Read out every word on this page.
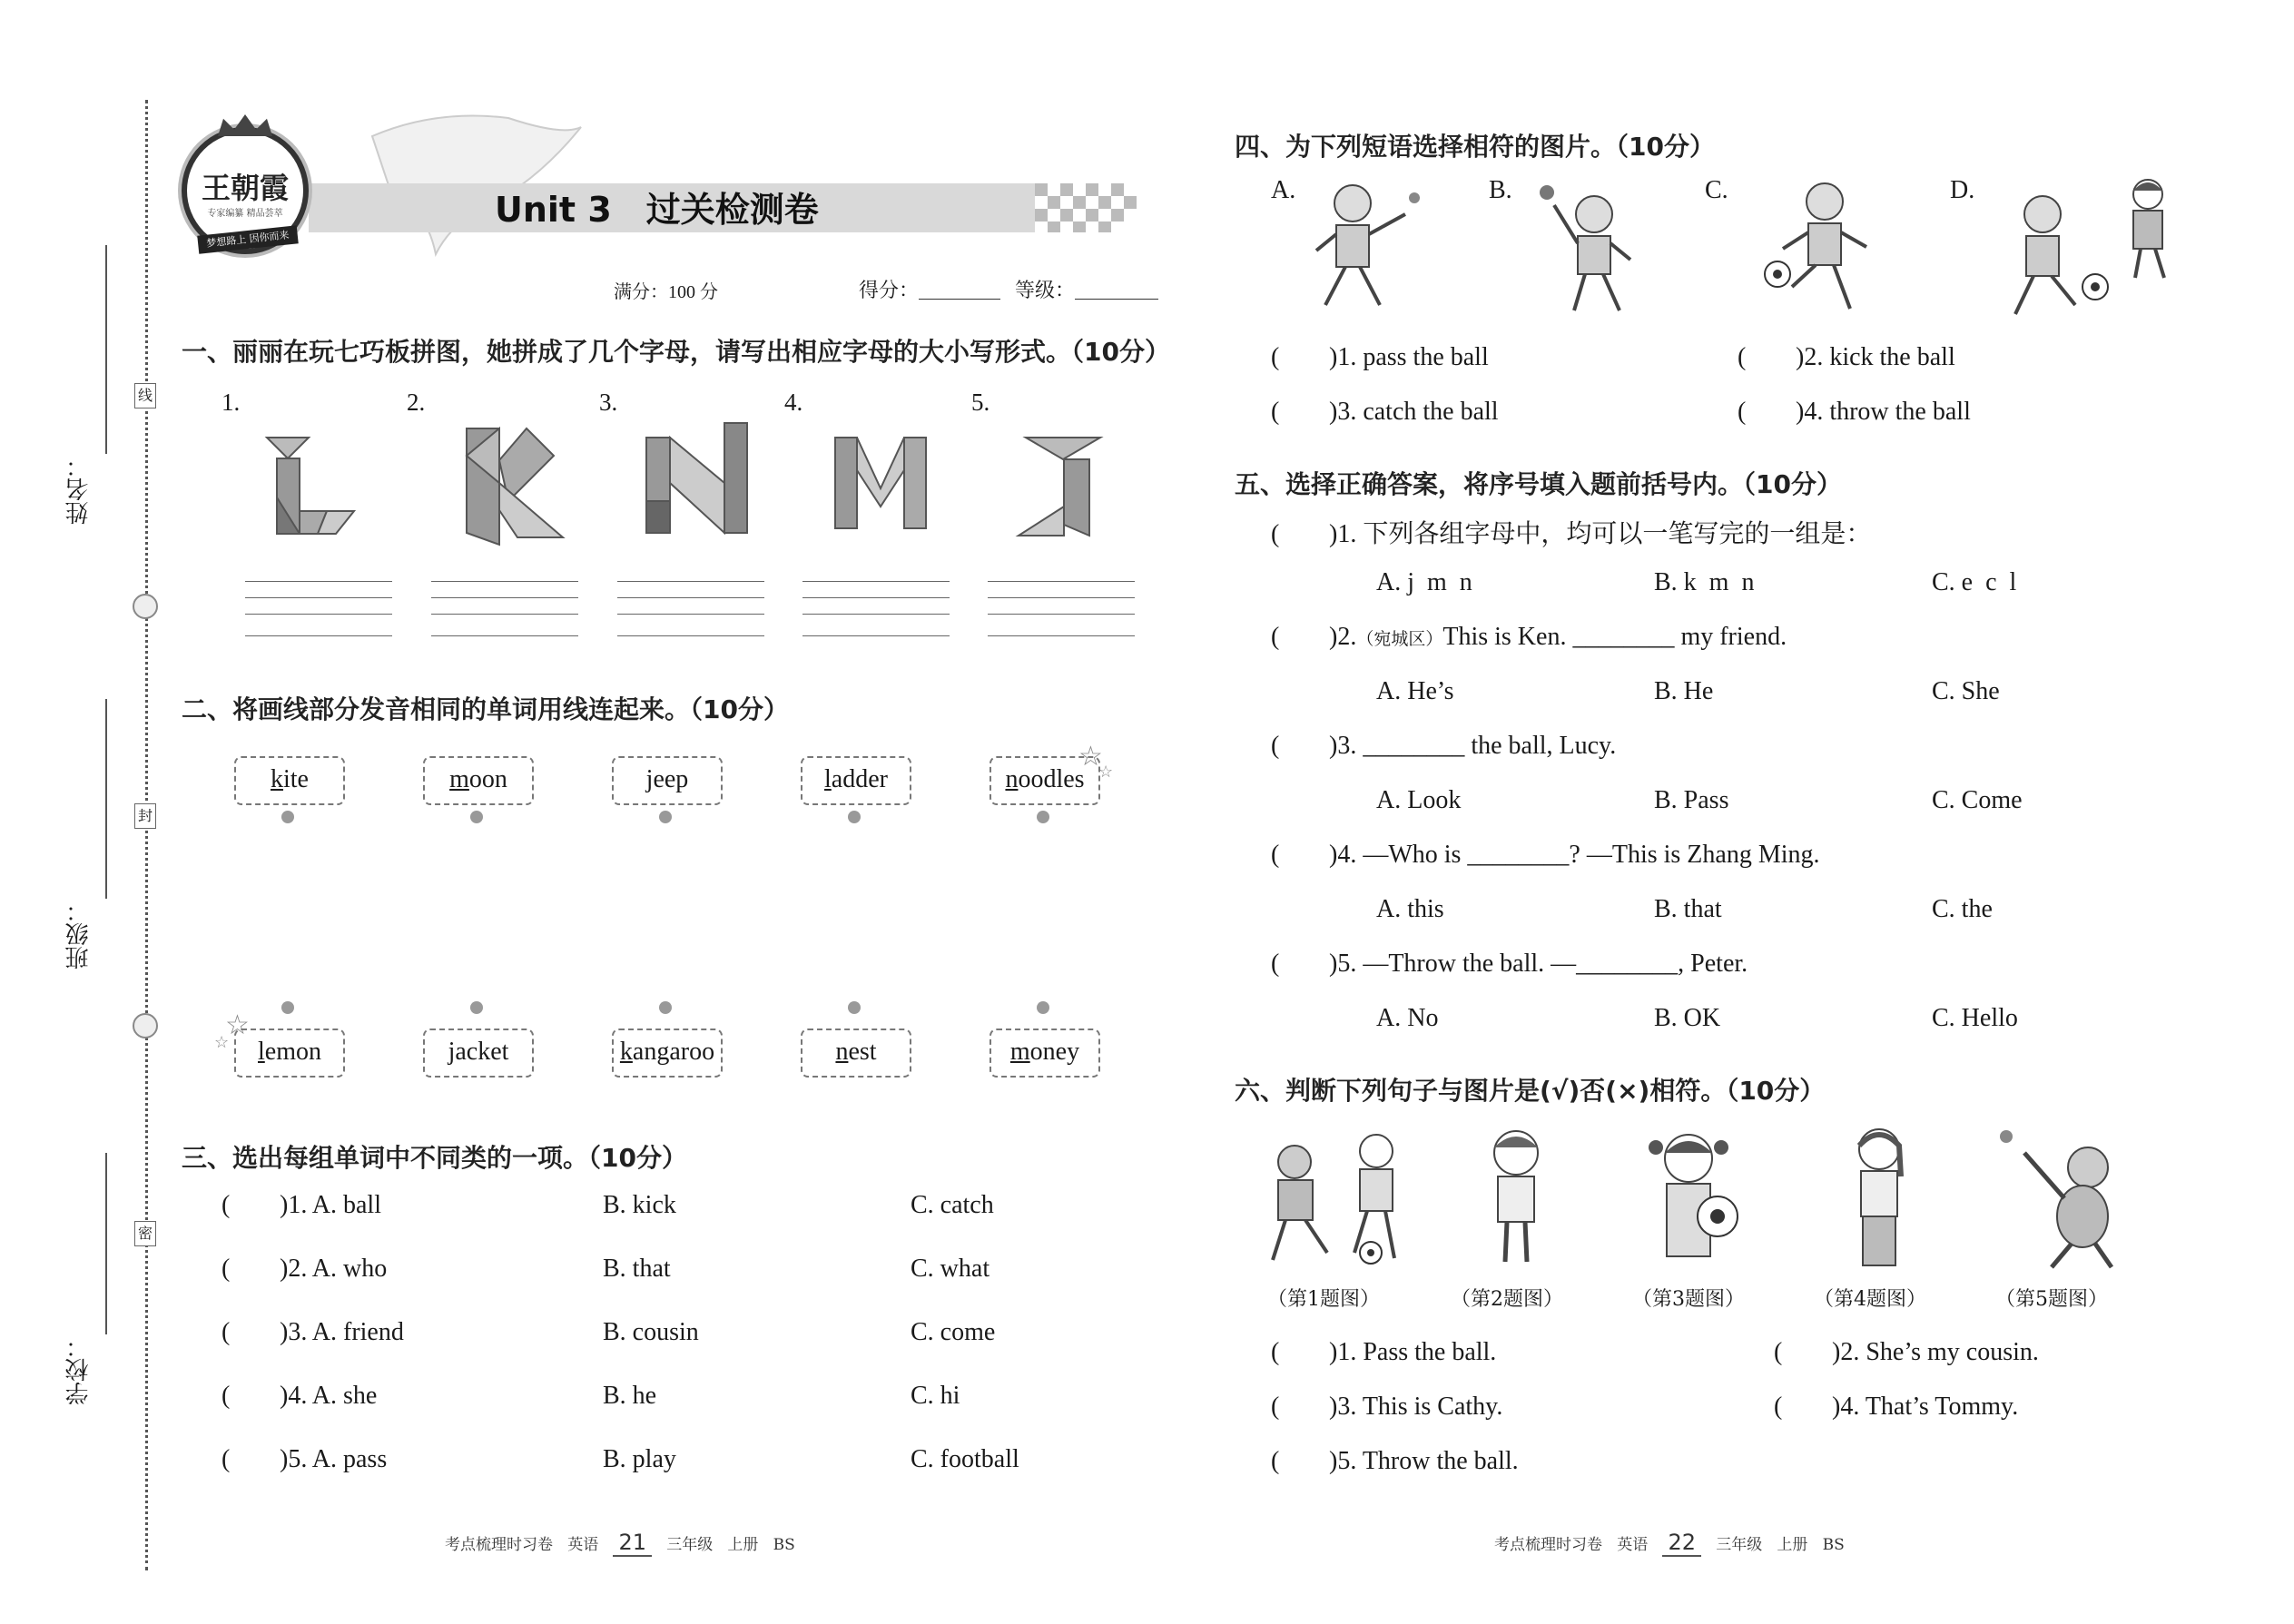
姓名：
班级：
学校：
线
封
密
王朝霞
专家编纂 精品荟萃
梦想路上 因你而来
Unit 3　过关检测卷
满分：100 分	得分：	等级：
一、丽丽在玩七巧板拼图，她拼成了几个字母，请写出相应字母的大小写形式。（10分）
1.	2.	3.	4.	5.
二、将画线部分发音相同的单词用线连起来。（10分）
kite	moon	jeep	ladder	noodles
☆
☆
☆
☆	lemon	jacket	kangaroo	nest	money
三、选出每组单词中不同类的一项。（10分）
( )1. A. ball	B. kick	C. catch
( )2. A. who	B. that	C. what
( )3. A. friend	B. cousin	C. come
( )4. A. she	B. he	C. hi
( )5. A. pass	B. play	C. football
考点梳理时习卷 英语 21 三年级 上册 BS
四、为下列短语选择相符的图片。（10分）
A.	B.	C.	D.
( )1. pass the ball	( )2. kick the ball
( )3. catch the ball	( )4. throw the ball
五、选择正确答案，将序号填入题前括号内。（10分）
( )1. 下列各组字母中，均可以一笔写完的一组是：
A. j  m  n	B. k  m  n	C. e  c  l
( )2.（宛城区）This is Ken. ________ my friend.
A. He’s	B. He	C. She
( )3. ________ the ball, Lucy.
A. Look	B. Pass	C. Come
( )4. —Who is ________? —This is Zhang Ming.
A. this	B. that	C. the
( )5. —Throw the ball. —________, Peter.
A. No	B. OK	C. Hello
六、判断下列句子与图片是(√)否(×)相符。（10分）
（第1题图）	（第2题图）	（第3题图）	（第4题图）	（第5题图）
( )1. Pass the ball.	( )2. She’s my cousin.
( )3. This is Cathy.	( )4. That’s Tommy.
( )5. Throw the ball.
考点梳理时习卷 英语 22 三年级 上册 BS
